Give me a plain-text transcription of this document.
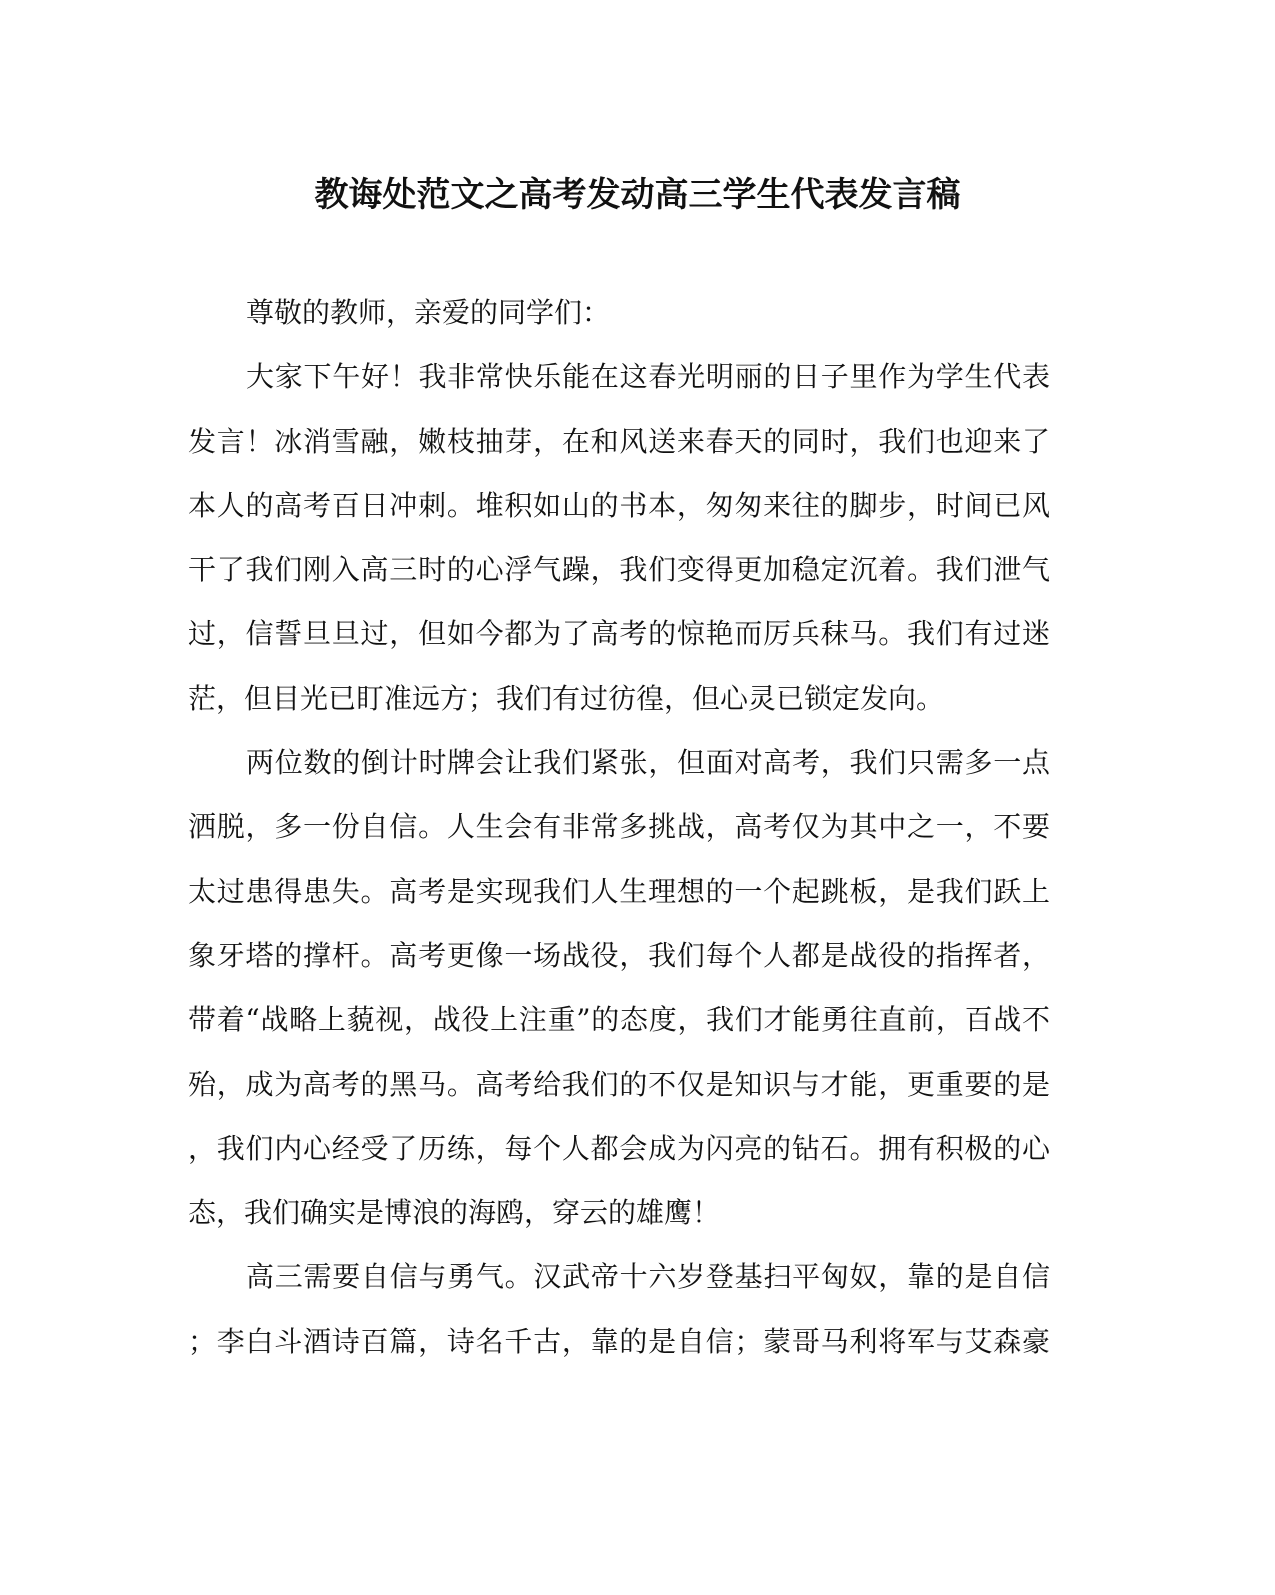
教诲处范文之高考发动高三学生代表发言稿
尊敬的教师，亲爱的同学们：
大家下午好！我非常快乐能在这春光明丽的日子里作为学生代表
发言！冰消雪融，嫩枝抽芽，在和风送来春天的同时，我们也迎来了
本人的高考百日冲刺。堆积如山的书本，匆匆来往的脚步，时间已风
干了我们刚入高三时的心浮气躁，我们变得更加稳定沉着。我们泄气
过，信誓旦旦过，但如今都为了高考的惊艳而厉兵秣马。我们有过迷
茫，但目光已盯准远方；我们有过彷徨，但心灵已锁定发向。
两位数的倒计时牌会让我们紧张，但面对高考，我们只需多一点
洒脱，多一份自信。人生会有非常多挑战，高考仅为其中之一，不要
太过患得患失。高考是实现我们人生理想的一个起跳板，是我们跃上
象牙塔的撑杆。高考更像一场战役，我们每个人都是战役的指挥者，
带着“战略上藐视，战役上注重”的态度，我们才能勇往直前，百战不
殆，成为高考的黑马。高考给我们的不仅是知识与才能，更重要的是
，我们内心经受了历练，每个人都会成为闪亮的钻石。拥有积极的心
态，我们确实是博浪的海鸥，穿云的雄鹰！
高三需要自信与勇气。汉武帝十六岁登基扫平匈奴，靠的是自信
；李白斗酒诗百篇，诗名千古，靠的是自信；蒙哥马利将军与艾森豪
